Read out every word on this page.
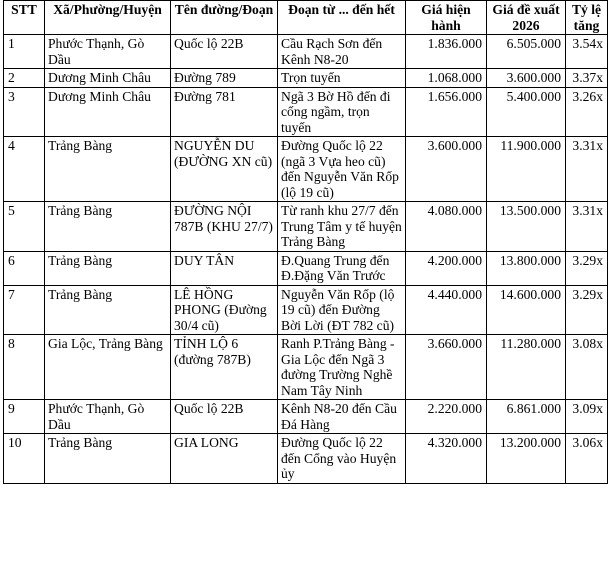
STT	Xã/Phường/Huyện	Tên đường/Đoạn	Đoạn từ ... đến hết	Giá hiện hành	Giá đề xuất 2026	Tỷ lệ tăng
1	Phước Thạnh, Gò Dầu	Quốc lộ 22B	Cầu Rạch Sơn đến Kênh N8-20	1.836.000	6.505.000	3.54x
2	Dương Minh Châu	Đường 789	Trọn tuyến	1.068.000	3.600.000	3.37x
3	Dương Minh Châu	Đường 781	Ngã 3 Bờ Hồ đến đi cống ngầm, trọn tuyến	1.656.000	5.400.000	3.26x
4	Trảng Bàng	NGUYỄN DU (ĐƯỜNG XN cũ)	Đường Quốc lộ 22 (ngã 3 Vựa heo cũ) đến Nguyễn Văn Rốp (lộ 19 cũ)	3.600.000	11.900.000	3.31x
5	Trảng Bàng	ĐƯỜNG NỘI 787B (KHU 27/7)	Từ ranh khu 27/7 đến Trung Tâm y tế huyện Trảng Bàng	4.080.000	13.500.000	3.31x
6	Trảng Bàng	DUY TÂN	Đ.Quang Trung đến Đ.Đặng Văn Trước	4.200.000	13.800.000	3.29x
7	Trảng Bàng	LÊ HỒNG PHONG (Đường 30/4 cũ)	Nguyễn Văn Rốp (lộ 19 cũ) đến Đường Bời Lời (ĐT 782 cũ)	4.440.000	14.600.000	3.29x
8	Gia Lộc, Trảng Bàng	TỈNH LỘ 6 (đường 787B)	Ranh P.Trảng Bàng - Gia Lộc đến Ngã 3 đường Trường Nghề Nam Tây Ninh	3.660.000	11.280.000	3.08x
9	Phước Thạnh, Gò Dầu	Quốc lộ 22B	Kênh N8-20 đến Cầu Đá Hàng	2.220.000	6.861.000	3.09x
10	Trảng Bàng	GIA LONG	Đường Quốc lộ 22 đến Cổng vào Huyện ủy	4.320.000	13.200.000	3.06x
